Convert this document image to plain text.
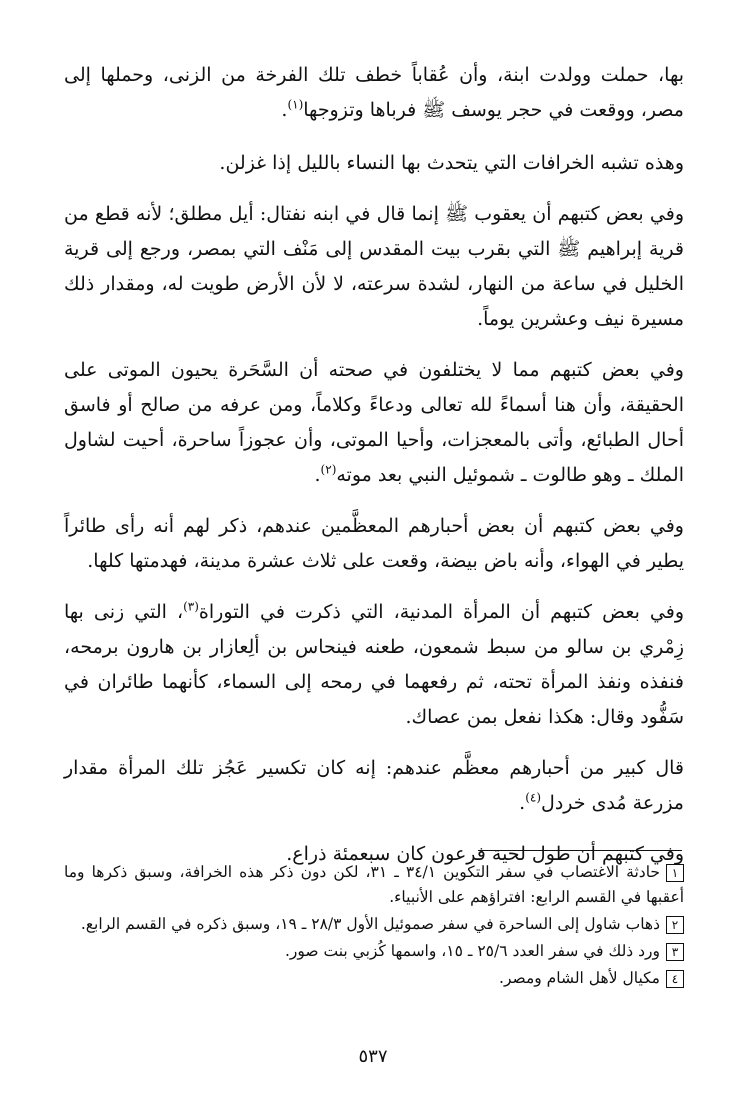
بها، حملت وولدت ابنة، وأن عُقاباً خطف تلك الفرخة من الزنى، وحملها إلى مصر، ووقعت في حجر يوسف ﷺ فرباها وتزوجها$^{(١)}$.

وهذه تشبه الخرافات التي يتحدث بها النساء بالليل إذا غزلن.

وفي بعض كتبهم أن يعقوب ﷺ إنما قال في ابنه نفتال: أيل مطلق؛ لأنه قطع من قرية إبراهيم ﷺ التي بقرب بيت المقدس إلى مَنْف التي بمصر، ورجع إلى قرية الخليل في ساعة من النهار، لشدة سرعته، لا لأن الأرض طويت له، ومقدار ذلك مسيرة نيف وعشرين يوماً.

وفي بعض كتبهم مما لا يختلفون في صحته أن السَّحَرة يحيون الموتى على الحقيقة، وأن هنا أسماءً لله تعالى ودعاءً وكلاماً، ومن عرفه من صالح أو فاسق أحال الطبائع، وأتى بالمعجزات، وأحيا الموتى، وأن عجوزاً ساحرة، أحيت لشاول الملك ـ وهو طالوت ـ شموئيل النبي بعد موته$^{(٢)}$.

وفي بعض كتبهم أن بعض أحبارهم المعظَّمين عندهم، ذكر لهم أنه رأى طائراً يطير في الهواء، وأنه باض بيضة، وقعت على ثلاث عشرة مدينة، فهدمتها كلها.

وفي بعض كتبهم أن المرأة المدنية، التي ذكرت في التوراة$^{(٣)}$، التي زنى بها زِمْري بن سالو من سبط شمعون، طعنه فينحاس بن ألِعازار بن هارون برمحه، فنفذه ونفذ المرأة تحته، ثم رفعهما في رمحه إلى السماء، كأنهما طائران في سَفُّود وقال: هكذا نفعل بمن عصاك.

قال كبير من أحبارهم معظَّم عندهم: إنه كان تكسير عَجُز تلك المرأة مقدار مزرعة مُدى خردل$^{(٤)}$.

وفي كتبهم أن طول لحية فرعون كان سبعمئة ذراع.

١حادثة الاغتصاب في سفر التكوين ٣٤/١ ـ ٣١، لكن دون ذكر هذه الخرافة، وسبق ذكرها وما أعقبها في القسم الرابع: افتراؤهم على الأنبياء.

٢ذهاب شاول إلى الساحرة في سفر صموئيل الأول ٢٨/٣ ـ ١٩، وسبق ذكره في القسم الرابع.

٣ورد ذلك في سفر العدد ٢٥/٦ ـ ١٥، واسمها كُزبي بنت صور.

٤مكيال لأهل الشام ومصر.

٥٣٧
